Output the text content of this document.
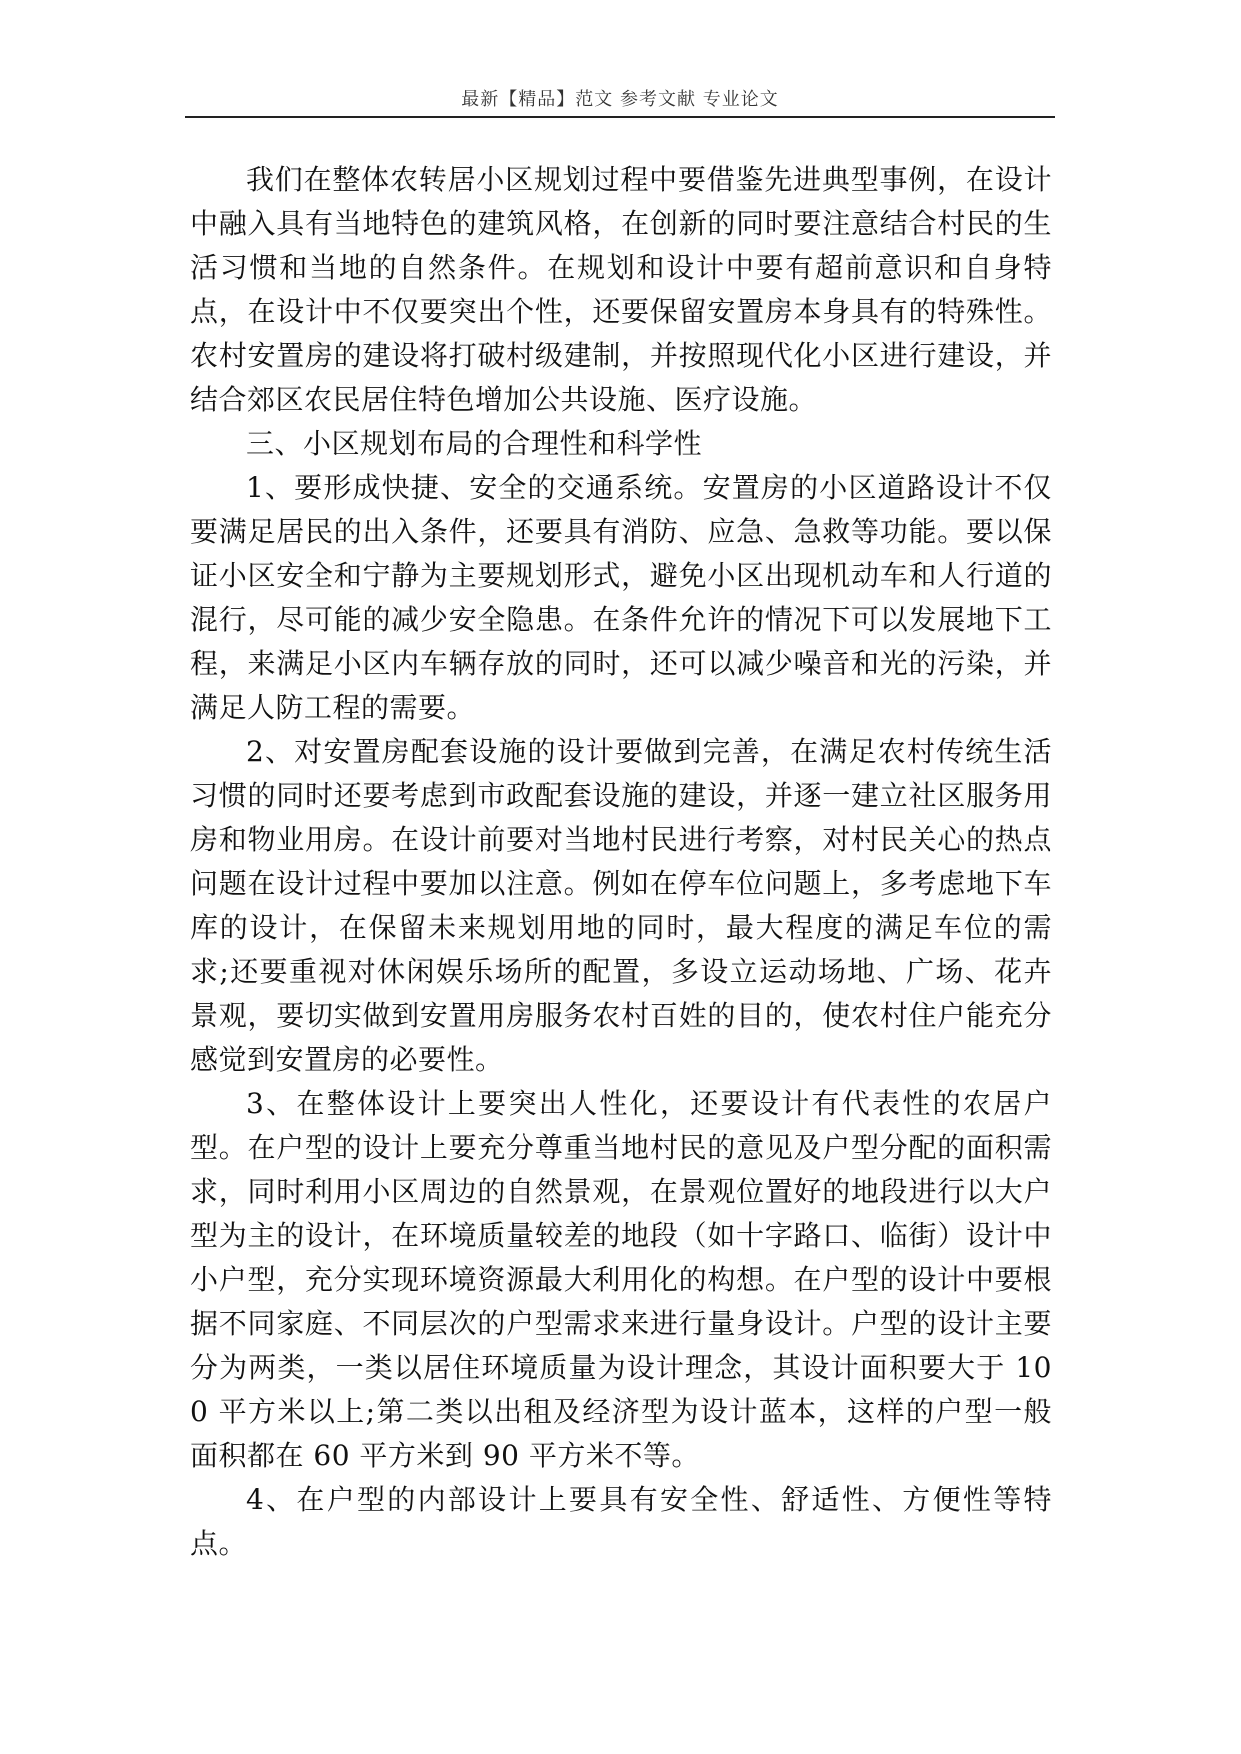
最新【精品】范文 参考文献 专业论文

我们在整体农转居小区规划过程中要借鉴先进典型事例，在设计中融入具有当地特色的建筑风格，在创新的同时要注意结合村民的生活习惯和当地的自然条件。在规划和设计中要有超前意识和自身特点，在设计中不仅要突出个性，还要保留安置房本身具有的特殊性。农村安置房的建设将打破村级建制，并按照现代化小区进行建设，并结合郊区农民居住特色增加公共设施、医疗设施。

三、小区规划布局的合理性和科学性

1、要形成快捷、安全的交通系统。安置房的小区道路设计不仅要满足居民的出入条件，还要具有消防、应急、急救等功能。要以保证小区安全和宁静为主要规划形式，避免小区出现机动车和人行道的混行，尽可能的减少安全隐患。在条件允许的情况下可以发展地下工程，来满足小区内车辆存放的同时，还可以减少噪音和光的污染，并满足人防工程的需要。

2、对安置房配套设施的设计要做到完善，在满足农村传统生活习惯的同时还要考虑到市政配套设施的建设，并逐一建立社区服务用房和物业用房。在设计前要对当地村民进行考察，对村民关心的热点问题在设计过程中要加以注意。例如在停车位问题上，多考虑地下车库的设计，在保留未来规划用地的同时，最大程度的满足车位的需求;还要重视对休闲娱乐场所的配置，多设立运动场地、广场、花卉景观，要切实做到安置用房服务农村百姓的目的，使农村住户能充分感觉到安置房的必要性。

3、在整体设计上要突出人性化，还要设计有代表性的农居户型。在户型的设计上要充分尊重当地村民的意见及户型分配的面积需求，同时利用小区周边的自然景观，在景观位置好的地段进行以大户型为主的设计，在环境质量较差的地段（如十字路口、临街）设计中小户型，充分实现环境资源最大利用化的构想。在户型的设计中要根据不同家庭、不同层次的户型需求来进行量身设计。户型的设计主要分为两类，一类以居住环境质量为设计理念，其设计面积要大于 100 平方米以上;第二类以出租及经济型为设计蓝本，这样的户型一般面积都在 60 平方米到 90 平方米不等。

4、在户型的内部设计上要具有安全性、舒适性、方便性等特点。
